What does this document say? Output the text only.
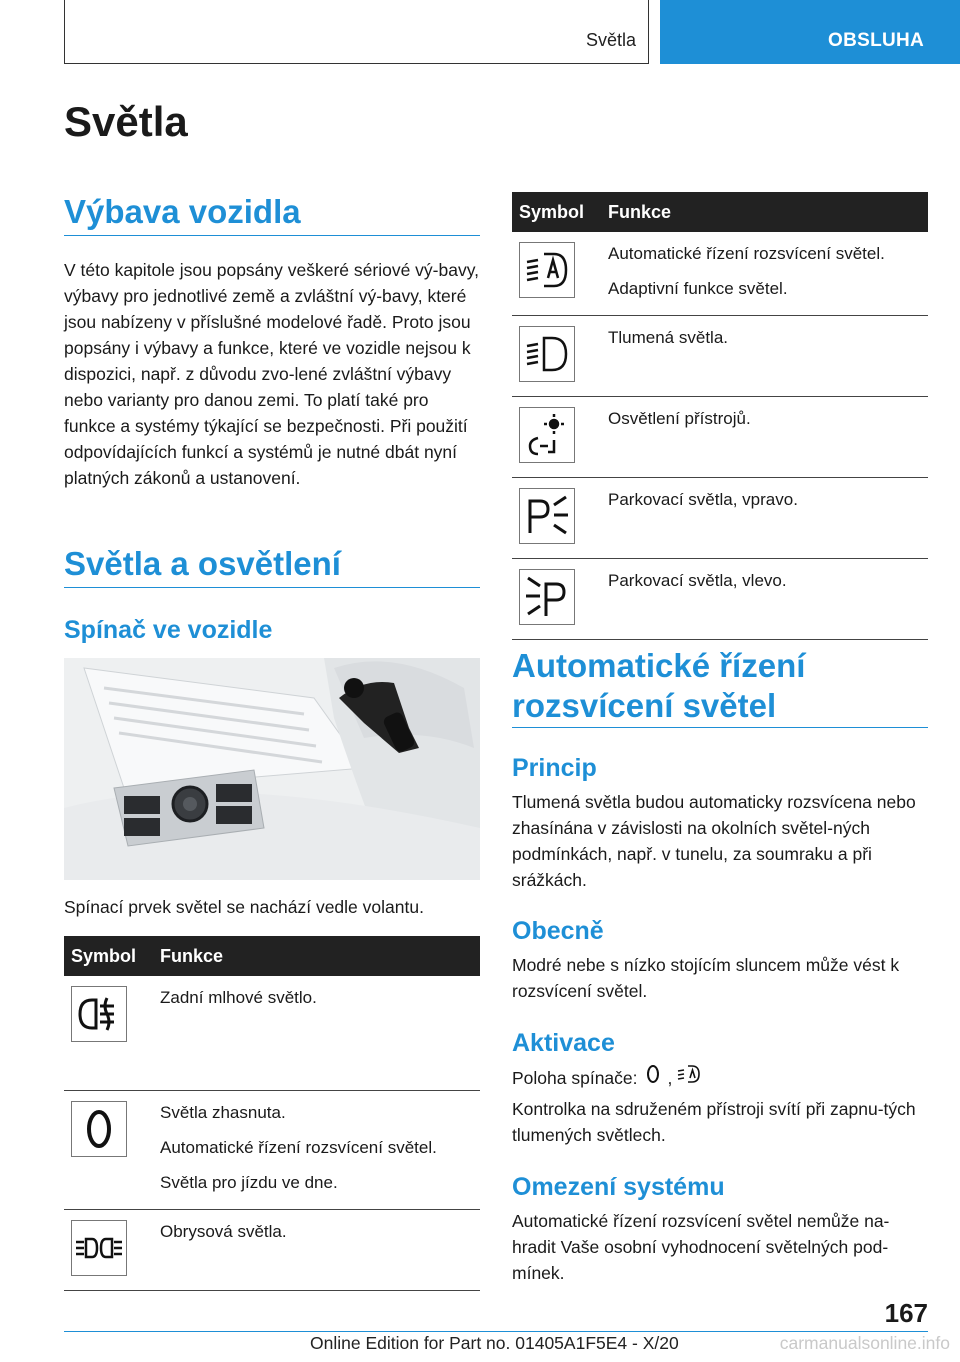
Světla	OBSLUHA
Světla
Výbava vozidla

V této kapitole jsou popsány veškeré sériové vý-bavy, výbavy pro jednotlivé země a zvláštní vý-bavy, které jsou nabízeny v příslušné modelové řadě. Proto jsou popsány i výbavy a funkce, které ve vozidle nejsou k dispozici, např. z důvodu zvo-lené zvláštní výbavy nebo varianty pro danou zemi. To platí také pro funkce a systémy týkající se bezpečnosti. Při použití odpovídajících funkcí a systémů je nutné dbát nyní platných zákonů a ustanovení.

Světla a osvětlení
Spínač ve vozidle

Spínací prvek světel se nachází vedle volantu.

Symbol	Funkce

Zadní mlhové světlo.

Světla zhasnuta.
Automatické řízení rozsvícení světel.
Světla pro jízdu ve dne.

Obrysová světla.
Symbol	Funkce

Automatické řízení rozsvícení světel.
Adaptivní funkce světel.

Tlumená světla.

Osvětlení přístrojů.

Parkovací světla, vpravo.

Parkovací světla, vlevo.
Automatické řízení
rozsvícení světel
Princip

Tlumená světla budou automaticky rozsvícena nebo zhasínána v závislosti na okolních světel-ných podmínkách, např. v tunelu, za soumraku a při srážkách.

Obecně

Modré nebe s nízko stojícím sluncem může vést k rozsvícení světel.

Aktivace
Poloha spínače: ,

Kontrolka na sdruženém přístroji svítí při zapnu-tých tlumených světlech.

Omezení systému

Automatické řízení rozsvícení světel nemůže na-hradit Vaše osobní vyhodnocení světelných pod-mínek.

167
Online Edition for Part no. 01405A1F5E4 - X/20	carmanualsonline.info
